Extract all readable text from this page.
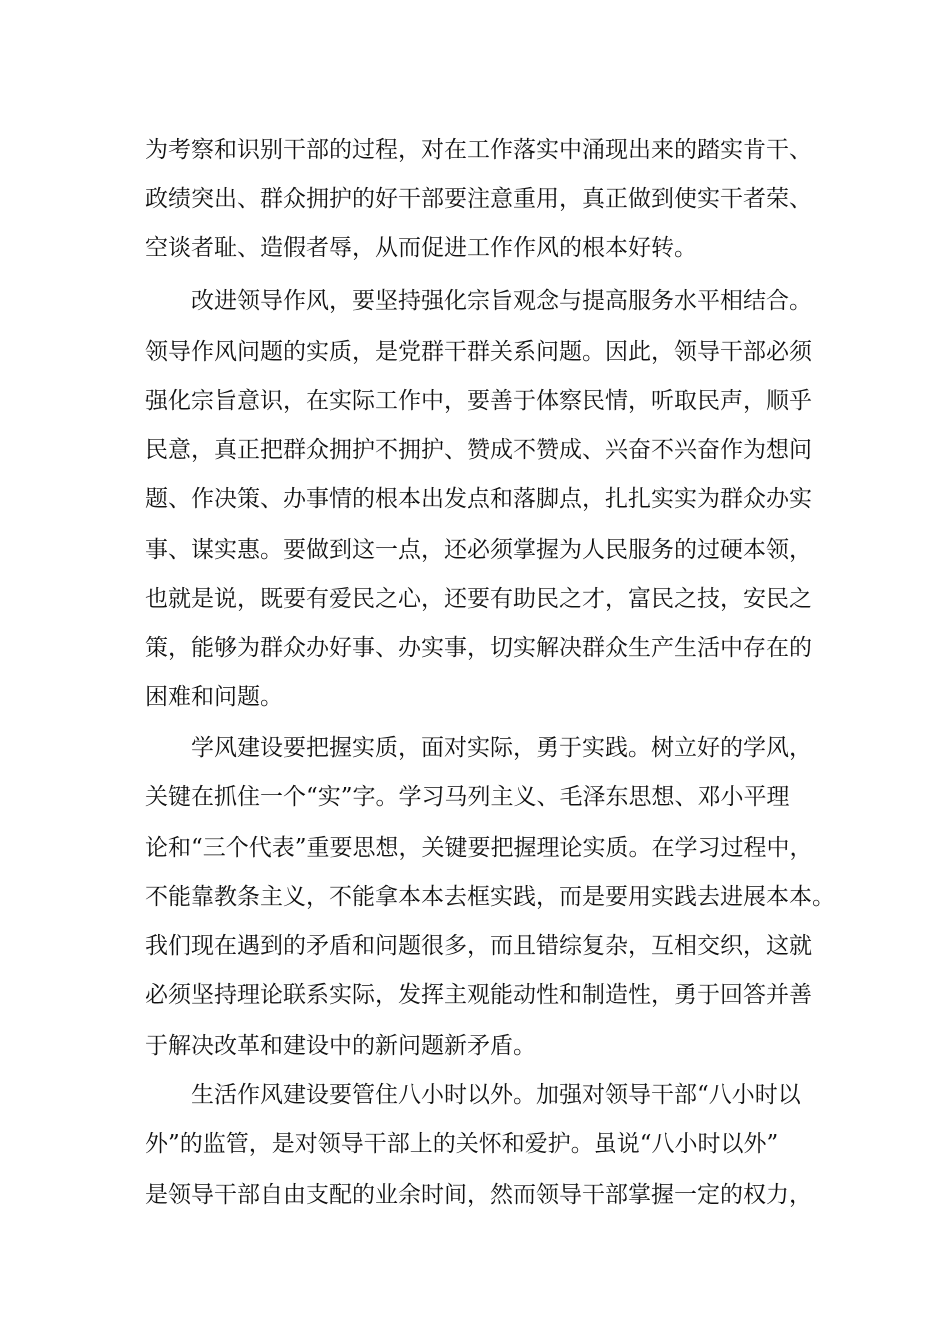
为考察和识别干部的过程，对在工作落实中涌现出来的踏实肯干、
政绩突出、群众拥护的好干部要注意重用，真正做到使实干者荣、
空谈者耻、造假者辱，从而促进工作作风的根本好转。
改进领导作风，要坚持强化宗旨观念与提高服务水平相结合。
领导作风问题的实质，是党群干群关系问题。因此，领导干部必须
强化宗旨意识，在实际工作中，要善于体察民情，听取民声，顺乎
民意，真正把群众拥护不拥护、赞成不赞成、兴奋不兴奋作为想问
题、作决策、办事情的根本出发点和落脚点，扎扎实实为群众办实
事、谋实惠。要做到这一点，还必须掌握为人民服务的过硬本领，
也就是说，既要有爱民之心，还要有助民之才，富民之技，安民之
策，能够为群众办好事、办实事，切实解决群众生产生活中存在的
困难和问题。
学风建设要把握实质，面对实际，勇于实践。树立好的学风，
关键在抓住一个“实”字。学习马列主义、毛泽东思想、邓小平理
论和“三个代表”重要思想，关键要把握理论实质。在学习过程中，
不能靠教条主义，不能拿本本去框实践，而是要用实践去进展本本。
我们现在遇到的矛盾和问题很多，而且错综复杂，互相交织，这就
必须坚持理论联系实际，发挥主观能动性和制造性，勇于回答并善
于解决改革和建设中的新问题新矛盾。
生活作风建设要管住八小时以外。加强对领导干部“八小时以
外”的监管，是对领导干部上的关怀和爱护。虽说“八小时以外”
是领导干部自由支配的业余时间，然而领导干部掌握一定的权力，
